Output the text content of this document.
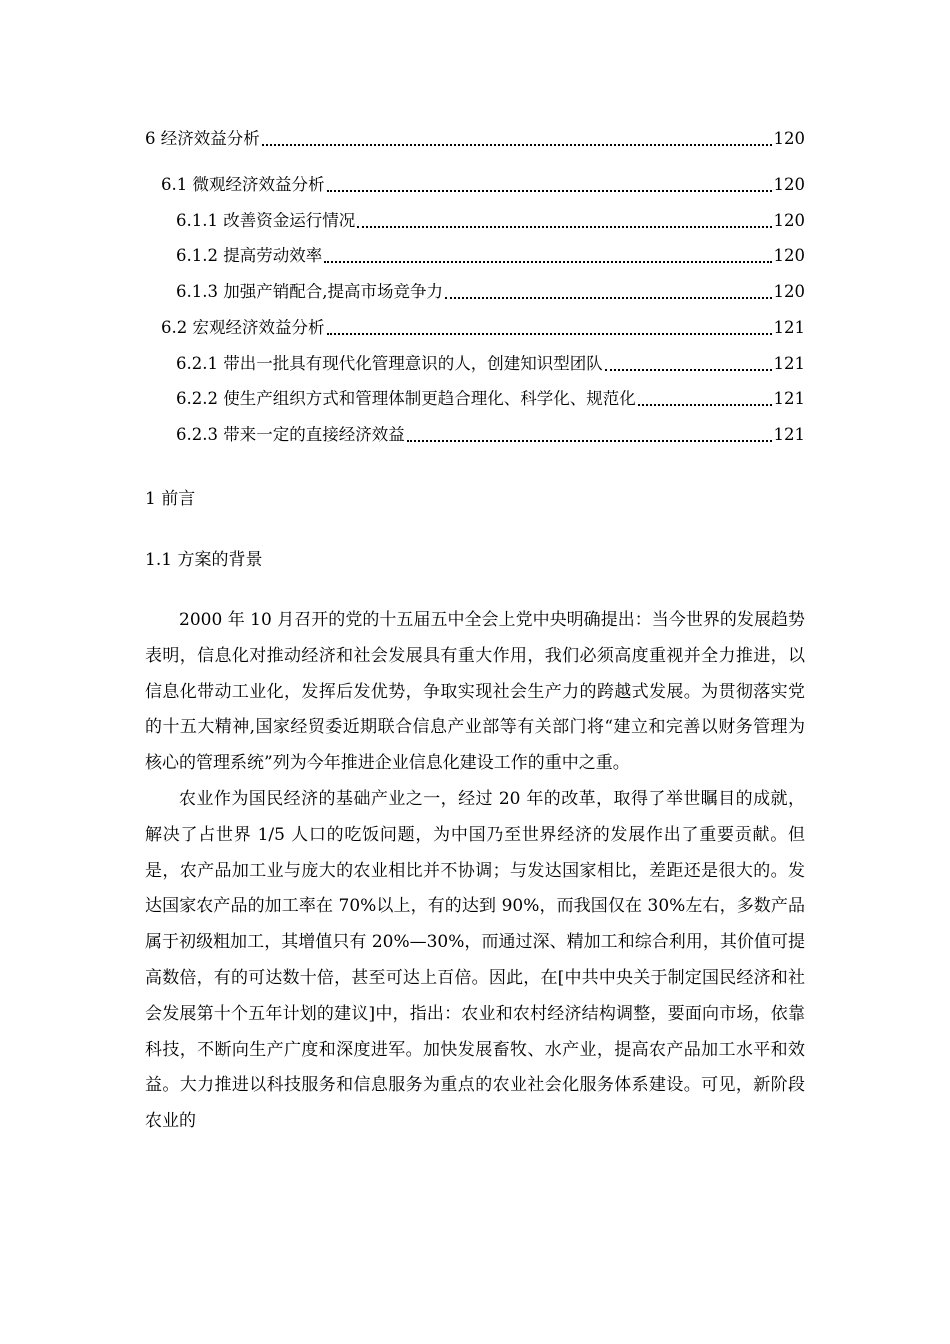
6 经济效益分析	120
6.1 微观经济效益分析	120
6.1.1 改善资金运行情况	120
6.1.2 提高劳动效率	120
6.1.3 加强产销配合,提高市场竞争力	120
6.2 宏观经济效益分析	121
6.2.1 带出一批具有现代化管理意识的人，创建知识型团队	121
6.2.2 使生产组织方式和管理体制更趋合理化、科学化、规范化	121
6.2.3 带来一定的直接经济效益	121
1 前言
1.1 方案的背景

2000 年 10 月召开的党的十五届五中全会上党中央明确提出：当今世界的发展趋势表明，信息化对推动经济和社会发展具有重大作用，我们必须高度重视并全力推进，以信息化带动工业化，发挥后发优势，争取实现社会生产力的跨越式发展。为贯彻落实党的十五大精神,国家经贸委近期联合信息产业部等有关部门将“建立和完善以财务管理为核心的管理系统”列为今年推进企业信息化建设工作的重中之重。

农业作为国民经济的基础产业之一，经过 20 年的改革，取得了举世瞩目的成就，解决了占世界 1/5 人口的吃饭问题，为中国乃至世界经济的发展作出了重要贡献。但是，农产品加工业与庞大的农业相比并不协调；与发达国家相比，差距还是很大的。发达国家农产品的加工率在 70%以上，有的达到 90%，而我国仅在 30%左右，多数产品属于初级粗加工，其增值只有 20%—30%，而通过深、精加工和综合利用，其价值可提高数倍，有的可达数十倍，甚至可达上百倍。因此，在[中共中央关于制定国民经济和社会发展第十个五年计划的建议]中，指出：农业和农村经济结构调整，要面向市场，依靠科技，不断向生产广度和深度进军。加快发展畜牧、水产业，提高农产品加工水平和效益。大力推进以科技服务和信息服务为重点的农业社会化服务体系建设。可见，新阶段农业的
